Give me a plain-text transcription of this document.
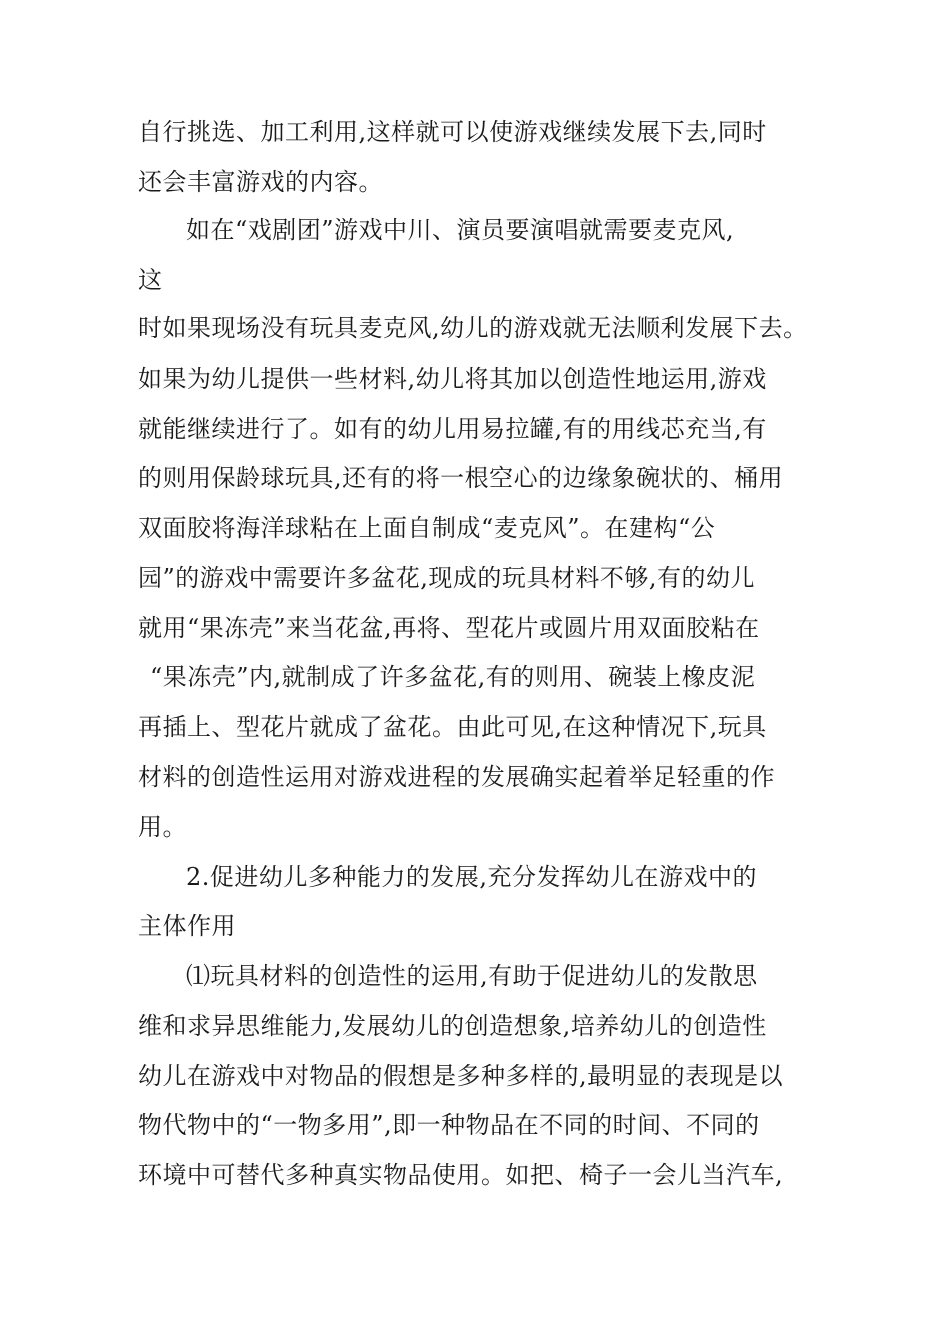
自行挑选、加工利用,这样就可以使游戏继续发展下去,同时
还会丰富游戏的内容。
如在“戏剧团”游戏中川、演员要演唱就需要麦克风,
这
时如果现场没有玩具麦克风,幼儿的游戏就无法顺利发展下去。
如果为幼儿提供一些材料,幼儿将其加以创造性地运用,游戏
就能继续进行了。如有的幼儿用易拉罐,有的用线芯充当,有
的则用保龄球玩具,还有的将一根空心的边缘象碗状的、桶用
双面胶将海洋球粘在上面自制成“麦克风”。在建构“公
园”的游戏中需要许多盆花,现成的玩具材料不够,有的幼儿
就用“果冻壳”来当花盆,再将、型花片或圆片用双面胶粘在
“果冻壳”内,就制成了许多盆花,有的则用、碗装上橡皮泥
再插上、型花片就成了盆花。由此可见,在这种情况下,玩具
材料的创造性运用对游戏进程的发展确实起着举足轻重的作
用。
2.促进幼儿多种能力的发展,充分发挥幼儿在游戏中的
主体作用
⑴玩具材料的创造性的运用,有助于促进幼儿的发散思
维和求异思维能力,发展幼儿的创造想象,培养幼儿的创造性
幼儿在游戏中对物品的假想是多种多样的,最明显的表现是以
物代物中的“一物多用”,即一种物品在不同的时间、不同的
环境中可替代多种真实物品使用。如把、椅子一会儿当汽车,
